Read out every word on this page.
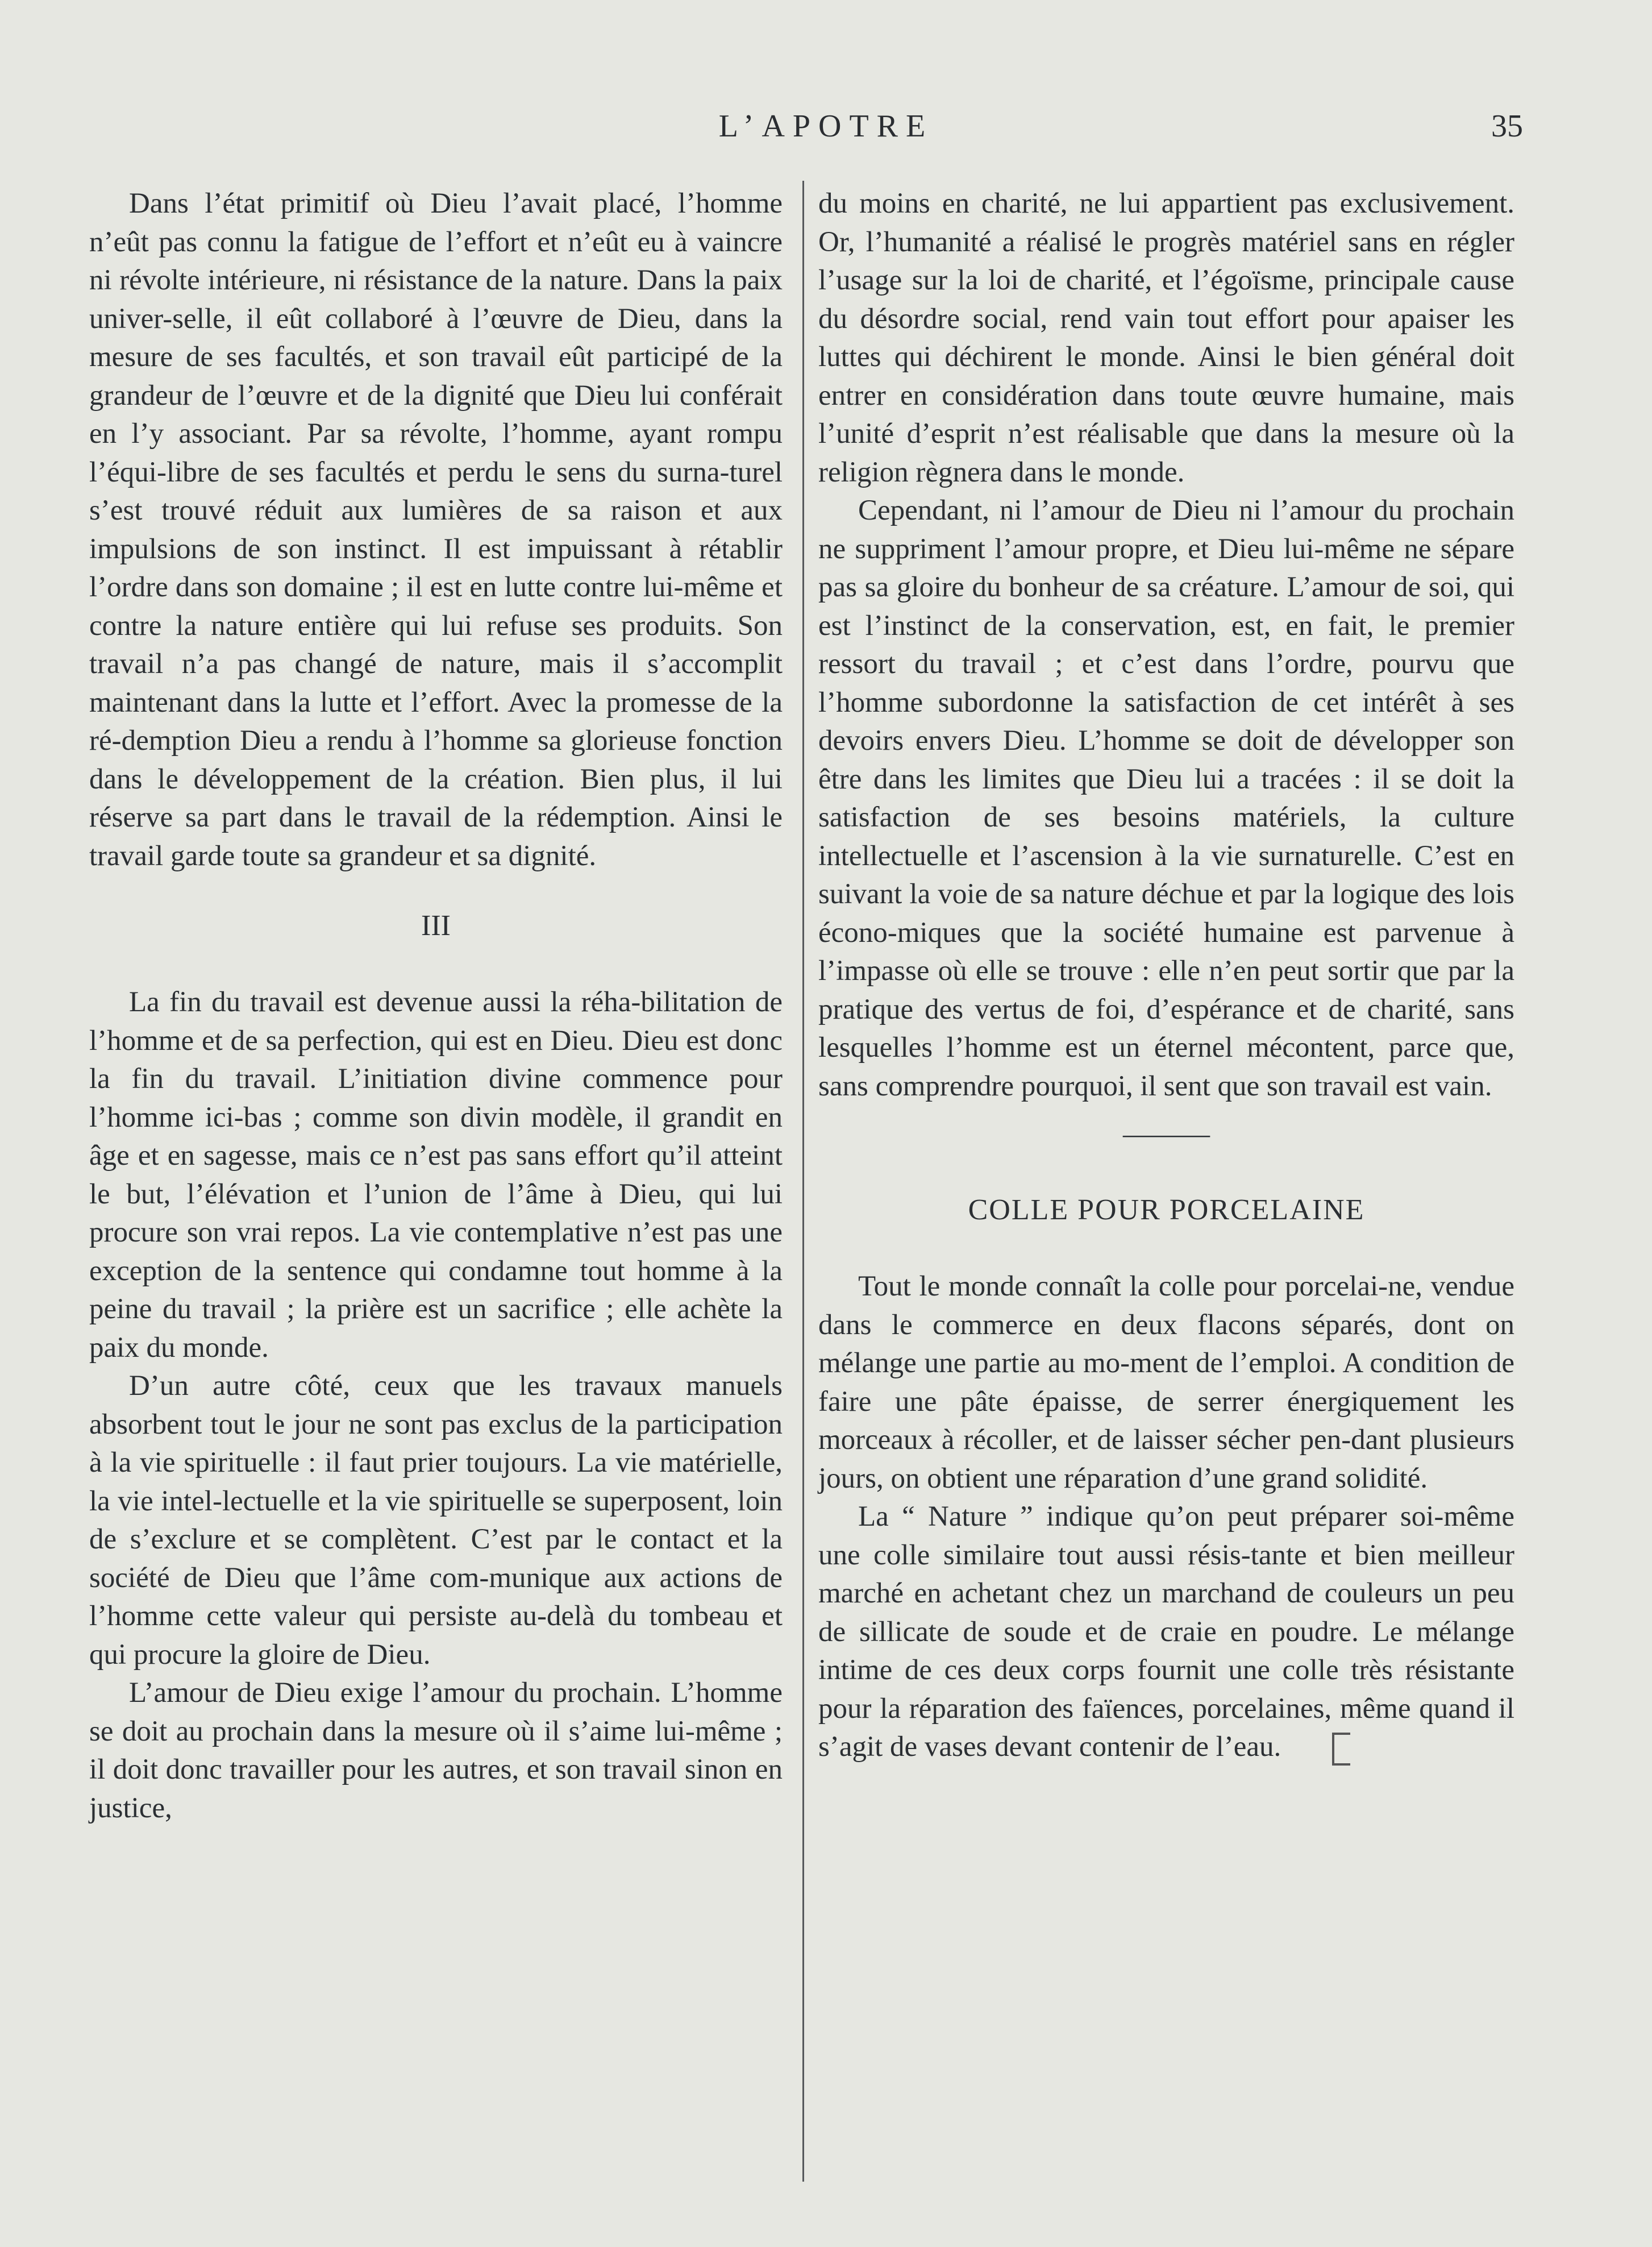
L’APOTRE	35

Dans l’état primitif où Dieu l’avait placé, l’homme n’eût pas connu la fatigue de l’effort et n’eût eu à vaincre ni révolte intérieure, ni résistance de la nature. Dans la paix univer-selle, il eût collaboré à l’œuvre de Dieu, dans la mesure de ses facultés, et son travail eût participé de la grandeur de l’œuvre et de la dignité que Dieu lui conférait en l’y associant. Par sa révolte, l’homme, ayant rompu l’équi-libre de ses facultés et perdu le sens du surna-turel s’est trouvé réduit aux lumières de sa raison et aux impulsions de son instinct. Il est impuissant à rétablir l’ordre dans son domaine ; il est en lutte contre lui-même et contre la nature entière qui lui refuse ses produits. Son travail n’a pas changé de nature, mais il s’accomplit maintenant dans la lutte et l’effort. Avec la promesse de la ré-demption Dieu a rendu à l’homme sa glorieuse fonction dans le développement de la création. Bien plus, il lui réserve sa part dans le travail de la rédemption. Ainsi le travail garde toute sa grandeur et sa dignité.

III

La fin du travail est devenue aussi la réha-bilitation de l’homme et de sa perfection, qui est en Dieu. Dieu est donc la fin du travail. L’initiation divine commence pour l’homme ici-bas ; comme son divin modèle, il grandit en âge et en sagesse, mais ce n’est pas sans effort qu’il atteint le but, l’élévation et l’union de l’âme à Dieu, qui lui procure son vrai repos. La vie contemplative n’est pas une exception de la sentence qui condamne tout homme à la peine du travail ; la prière est un sacrifice ; elle achète la paix du monde.

D’un autre côté, ceux que les travaux manuels absorbent tout le jour ne sont pas exclus de la participation à la vie spirituelle : il faut prier toujours. La vie matérielle, la vie intel-lectuelle et la vie spirituelle se superposent, loin de s’exclure et se complètent. C’est par le contact et la société de Dieu que l’âme com-munique aux actions de l’homme cette valeur qui persiste au-delà du tombeau et qui procure la gloire de Dieu.

L’amour de Dieu exige l’amour du prochain. L’homme se doit au prochain dans la mesure où il s’aime lui-même ; il doit donc travailler pour les autres, et son travail sinon en justice,

du moins en charité, ne lui appartient pas exclusivement. Or, l’humanité a réalisé le progrès matériel sans en régler l’usage sur la loi de charité, et l’égoïsme, principale cause du désordre social, rend vain tout effort pour apaiser les luttes qui déchirent le monde. Ainsi le bien général doit entrer en considération dans toute œuvre humaine, mais l’unité d’esprit n’est réalisable que dans la mesure où la religion règnera dans le monde.

Cependant, ni l’amour de Dieu ni l’amour du prochain ne suppriment l’amour propre, et Dieu lui-même ne sépare pas sa gloire du bonheur de sa créature. L’amour de soi, qui est l’instinct de la conservation, est, en fait, le premier ressort du travail ; et c’est dans l’ordre, pourvu que l’homme subordonne la satisfaction de cet intérêt à ses devoirs envers Dieu. L’homme se doit de développer son être dans les limites que Dieu lui a tracées : il se doit la satisfaction de ses besoins matériels, la culture intellectuelle et l’ascension à la vie surnaturelle. C’est en suivant la voie de sa nature déchue et par la logique des lois écono-miques que la société humaine est parvenue à l’impasse où elle se trouve : elle n’en peut sortir que par la pratique des vertus de foi, d’espérance et de charité, sans lesquelles l’homme est un éternel mécontent, parce que, sans comprendre pourquoi, il sent que son travail est vain.

———
COLLE POUR PORCELAINE

Tout le monde connaît la colle pour porcelai-ne, vendue dans le commerce en deux flacons séparés, dont on mélange une partie au mo-ment de l’emploi. A condition de faire une pâte épaisse, de serrer énergiquement les morceaux à récoller, et de laisser sécher pen-dant plusieurs jours, on obtient une réparation d’une grand solidité.

La “ Nature ” indique qu’on peut préparer soi-même une colle similaire tout aussi résis-tante et bien meilleur marché en achetant chez un marchand de couleurs un peu de sillicate de soude et de craie en poudre. Le mélange intime de ces deux corps fournit une colle très résistante pour la réparation des faïences, porcelaines, même quand il s’agit de vases devant contenir de l’eau.
